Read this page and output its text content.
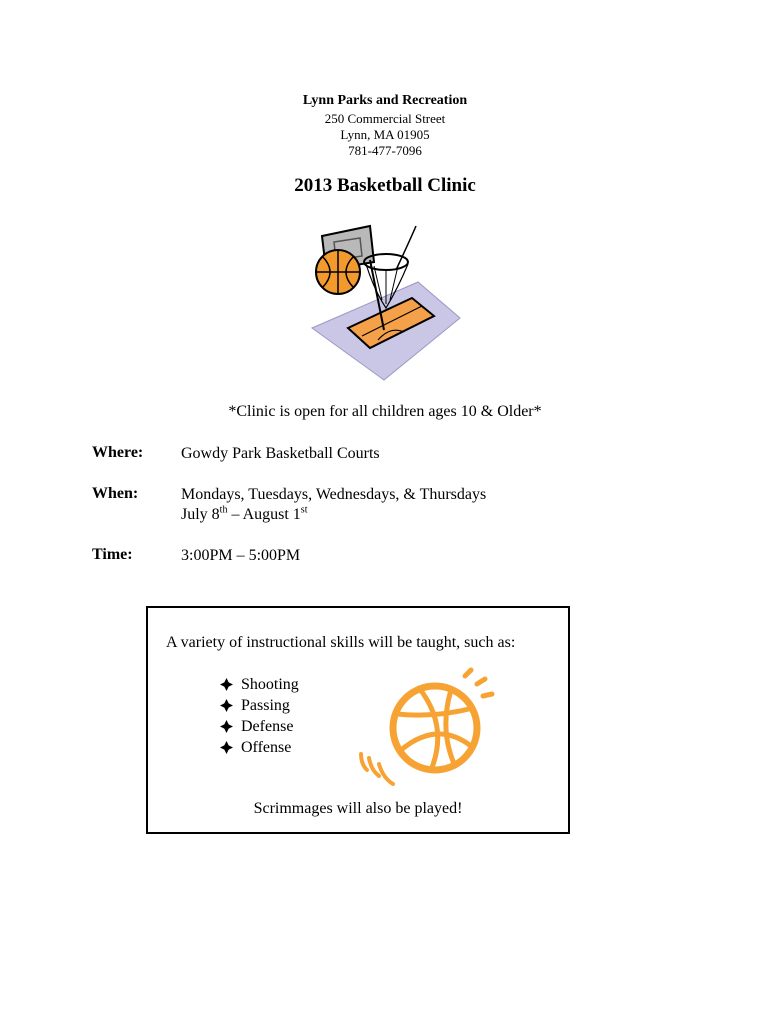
Lynn Parks and Recreation
250 Commercial Street
Lynn, MA 01905
781-477-7096
2013 Basketball Clinic
*Clinic is open for all children ages 10 & Older*
Where: Gowdy Park Basketball Courts
When:	Mondays, Tuesdays, Wednesdays, & Thursdays
July 8th – August 1st
Time:	3:00PM – 5:00PM
A variety of instructional skills will be taught, such as:
Shooting
Passing
Defense
Offense
Scrimmages will also be played!
